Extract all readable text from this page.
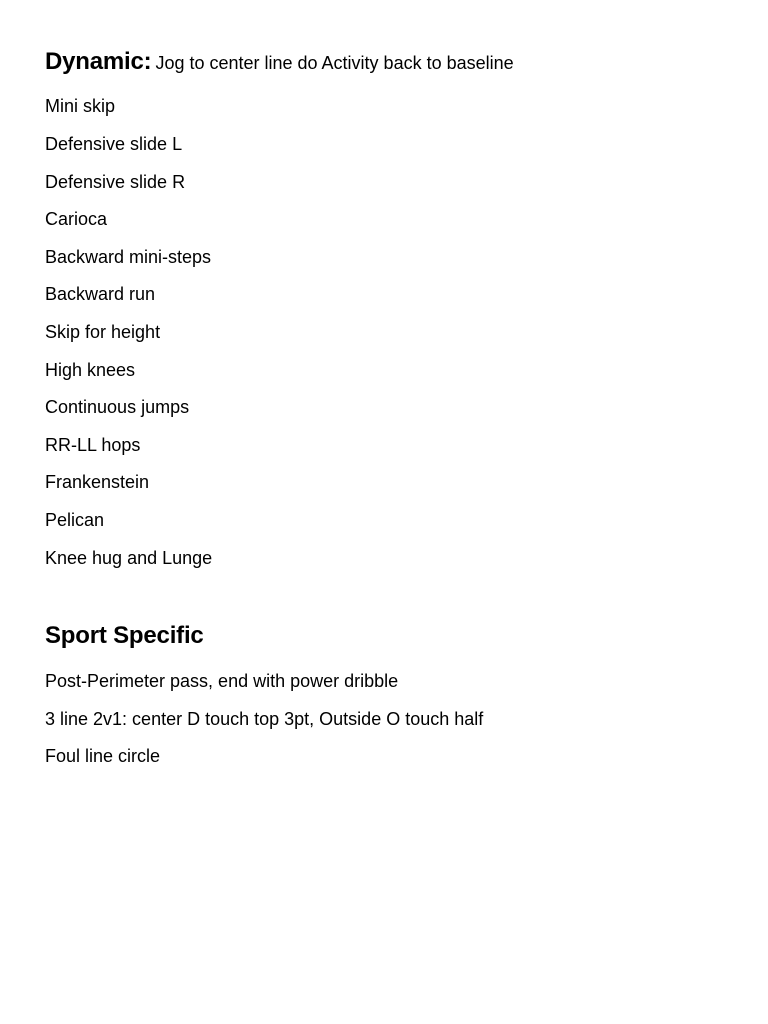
Dynamic: Jog to center line do Activity back to baseline
Mini skip
Defensive slide L
Defensive slide R
Carioca
Backward mini-steps
Backward run
Skip for height
High knees
Continuous jumps
RR-LL hops
Frankenstein
Pelican
Knee hug and Lunge
Sport Specific
Post-Perimeter pass, end with power dribble
3 line 2v1: center D touch top 3pt, Outside O touch half
Foul line circle
